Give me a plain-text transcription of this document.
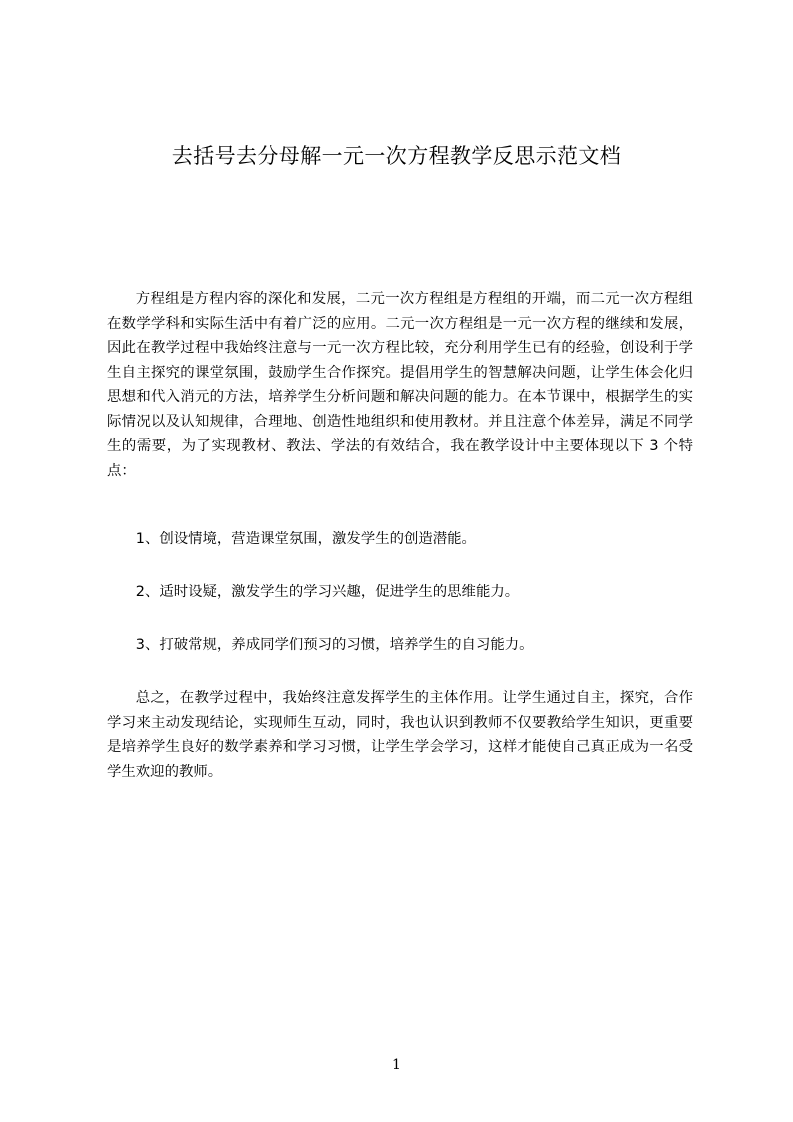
去括号去分母解一元一次方程教学反思示范文档

方程组是方程内容的深化和发展，二元一次方程组是方程组的开端，而二元一次方程组在数学学科和实际生活中有着广泛的应用。二元一次方程组是一元一次方程的继续和发展，因此在教学过程中我始终注意与一元一次方程比较，充分利用学生已有的经验，创设利于学生自主探究的课堂氛围，鼓励学生合作探究。提倡用学生的智慧解决问题，让学生体会化归思想和代入消元的方法，培养学生分析问题和解决问题的能力。在本节课中，根据学生的实际情况以及认知规律，合理地、创造性地组织和使用教材。并且注意个体差异，满足不同学生的需要，为了实现教材、教法、学法的有效结合，我在教学设计中主要体现以下 3 个特点：

1、创设情境，营造课堂氛围，激发学生的创造潜能。

2、适时设疑，激发学生的学习兴趣，促进学生的思维能力。

3、打破常规，养成同学们预习的习惯，培养学生的自习能力。

总之，在教学过程中，我始终注意发挥学生的主体作用。让学生通过自主，探究，合作学习来主动发现结论，实现师生互动，同时，我也认识到教师不仅要教给学生知识，更重要是培养学生良好的数学素养和学习习惯，让学生学会学习，这样才能使自己真正成为一名受学生欢迎的教师。

1
